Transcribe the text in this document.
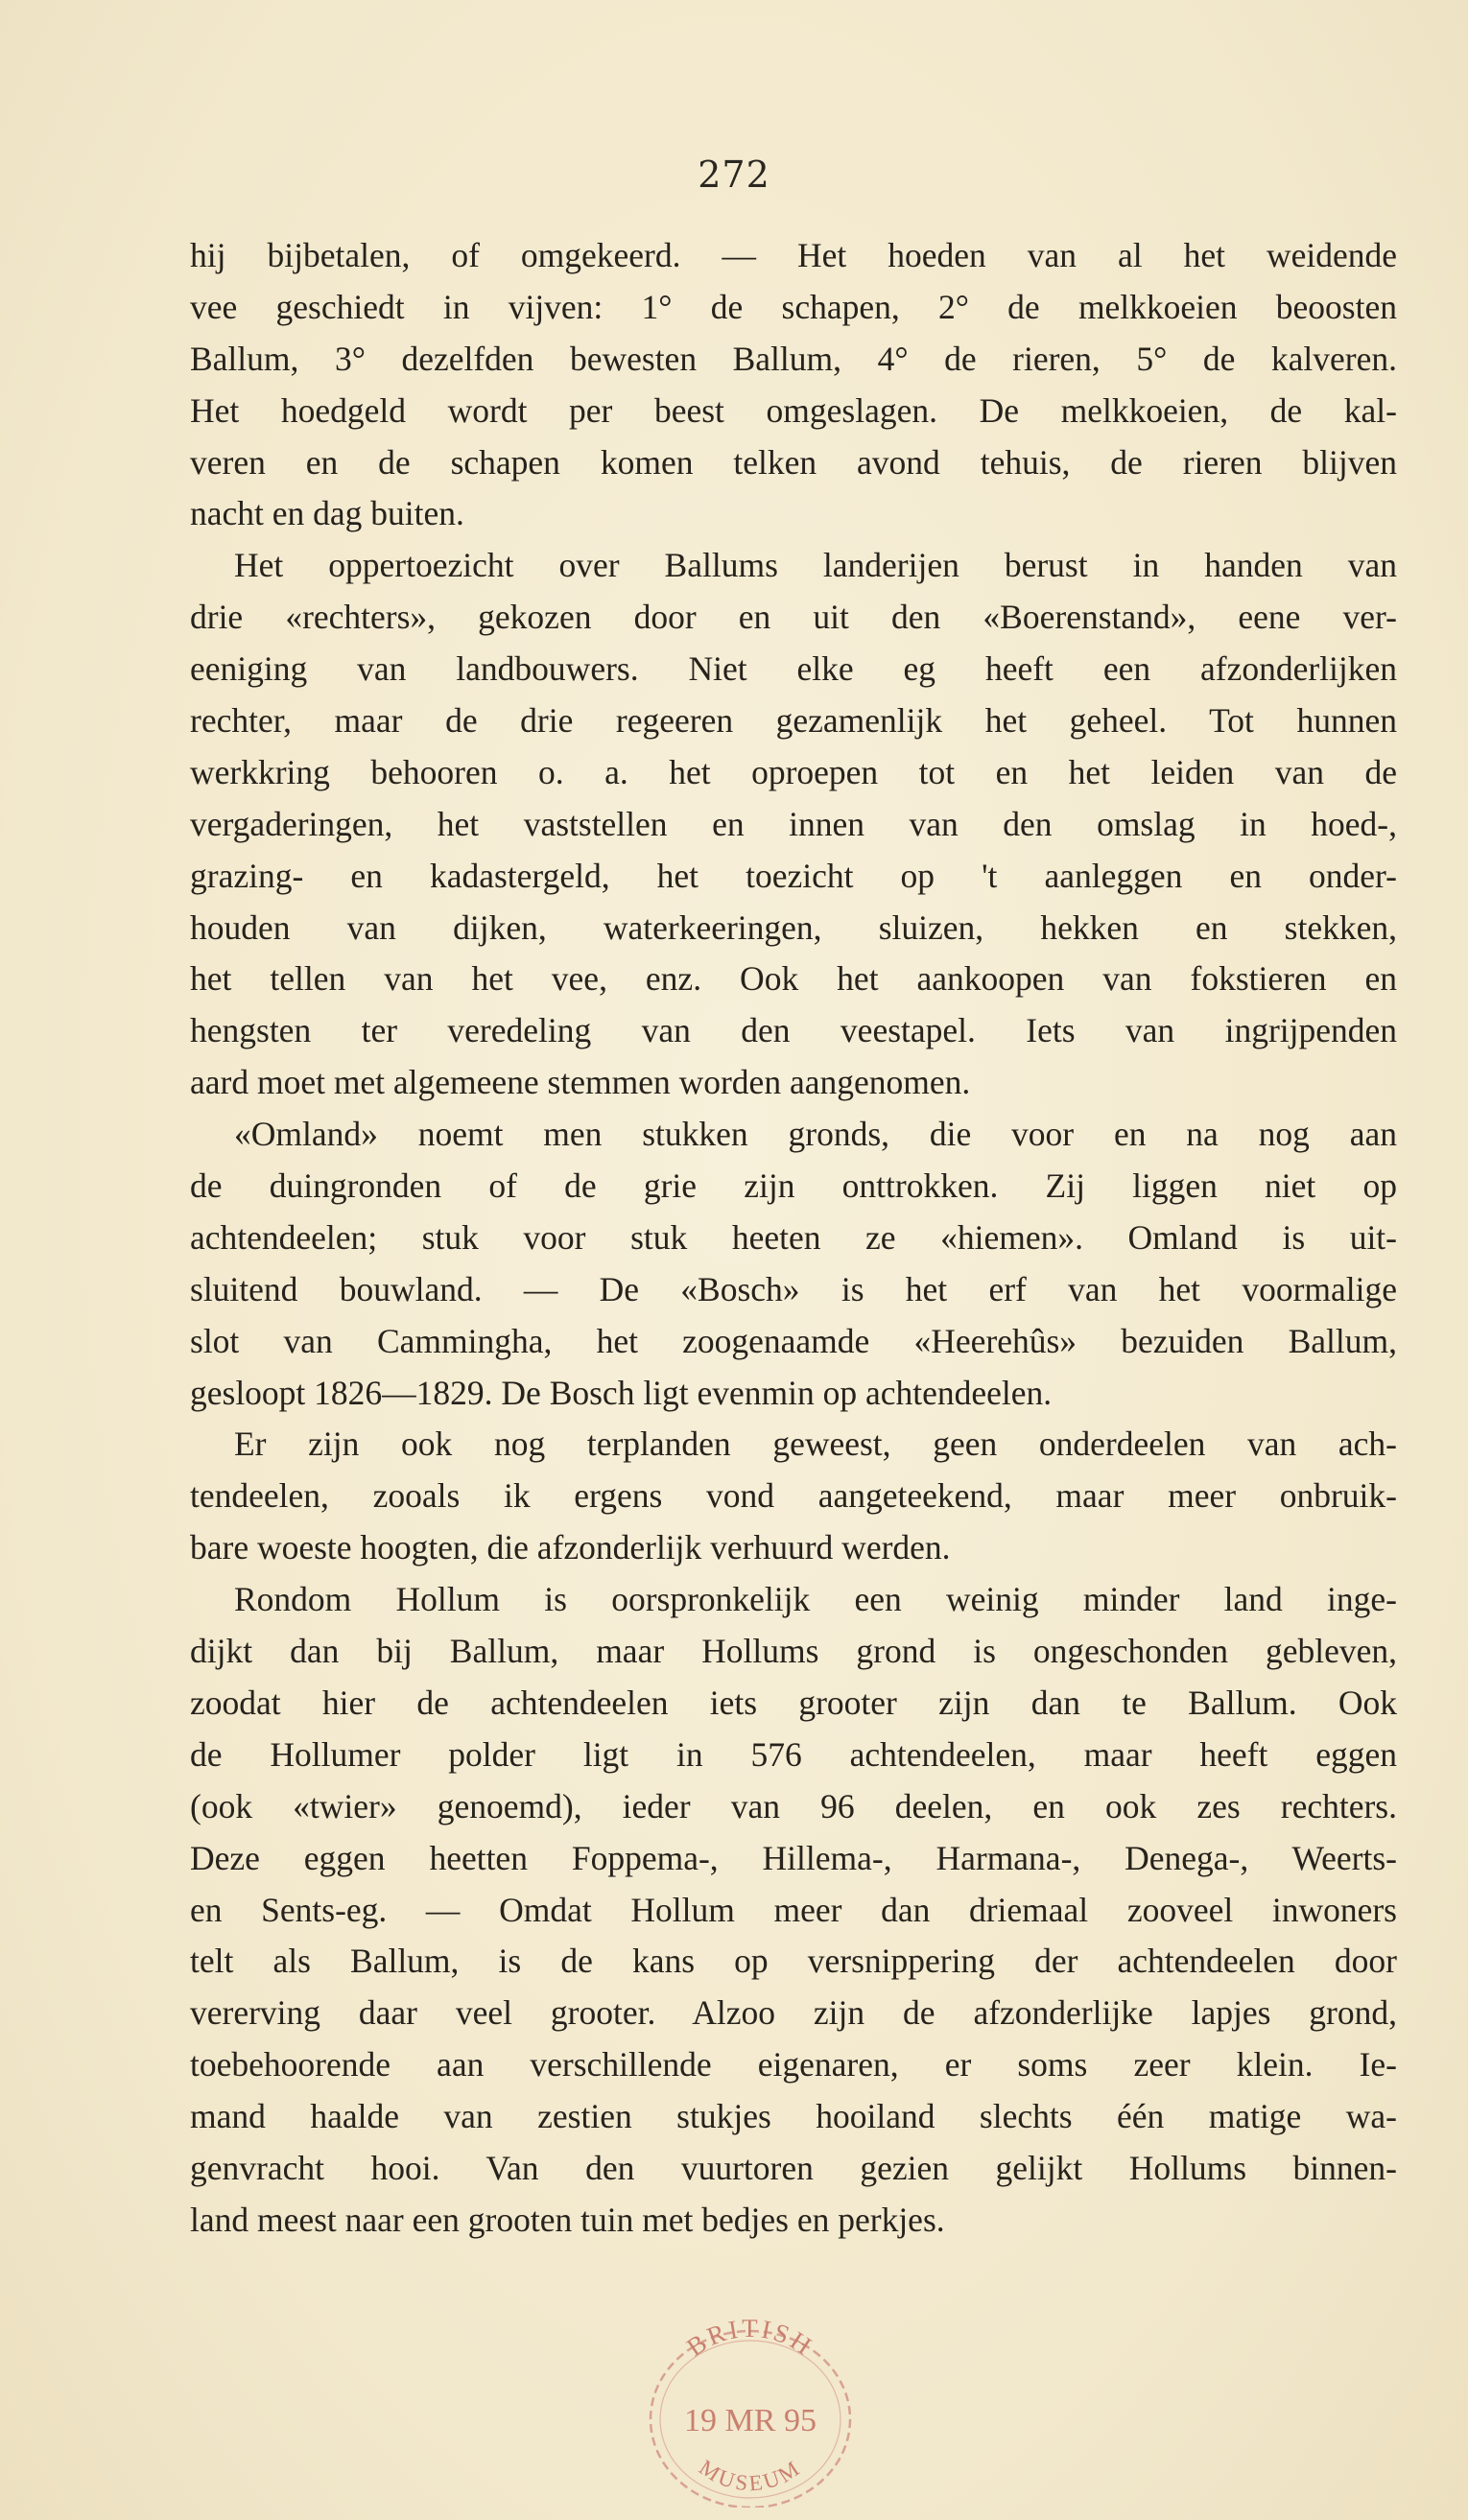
272
hij bijbetalen, of omgekeerd. — Het hoeden van al het weidende
vee geschiedt in vijven: 1° de schapen, 2° de melkkoeien beoosten
Ballum, 3° dezelfden bewesten Ballum, 4° de rieren, 5° de kalveren.
Het hoedgeld wordt per beest omgeslagen. De melkkoeien, de kal-
veren en de schapen komen telken avond tehuis, de rieren blijven
nacht en dag buiten.
Het oppertoezicht over Ballums landerijen berust in handen van
drie «rechters», gekozen door en uit den «Boerenstand», eene ver-
eeniging van landbouwers. Niet elke eg heeft een afzonderlijken
rechter, maar de drie regeeren gezamenlijk het geheel. Tot hunnen
werkkring behooren o. a. het oproepen tot en het leiden van de
vergaderingen, het vaststellen en innen van den omslag in hoed-,
grazing- en kadastergeld, het toezicht op 't aanleggen en onder-
houden van dijken, waterkeeringen, sluizen, hekken en stekken,
het tellen van het vee, enz. Ook het aankoopen van fokstieren en
hengsten ter veredeling van den veestapel. Iets van ingrijpenden
aard moet met algemeene stemmen worden aangenomen.
«Omland» noemt men stukken gronds, die voor en na nog aan
de duingronden of de grie zijn onttrokken. Zij liggen niet op
achtendeelen; stuk voor stuk heeten ze «hiemen». Omland is uit-
sluitend bouwland. — De «Bosch» is het erf van het voormalige
slot van Cammingha, het zoogenaamde «Heerehûs» bezuiden Ballum,
gesloopt 1826—1829. De Bosch ligt evenmin op achtendeelen.
Er zijn ook nog terplanden geweest, geen onderdeelen van ach-
tendeelen, zooals ik ergens vond aangeteekend, maar meer onbruik-
bare woeste hoogten, die afzonderlijk verhuurd werden.
Rondom Hollum is oorspronkelijk een weinig minder land inge-
dijkt dan bij Ballum, maar Hollums grond is ongeschonden gebleven,
zoodat hier de achtendeelen iets grooter zijn dan te Ballum. Ook
de Hollumer polder ligt in 576 achtendeelen, maar heeft eggen
(ook «twier» genoemd), ieder van 96 deelen, en ook zes rechters.
Deze eggen heetten Foppema-, Hillema-, Harmana-, Denega-, Weerts-
en Sents-eg. — Omdat Hollum meer dan driemaal zooveel inwoners
telt als Ballum, is de kans op versnippering der achtendeelen door
vererving daar veel grooter. Alzoo zijn de afzonderlijke lapjes grond,
toebehoorende aan verschillende eigenaren, er soms zeer klein. Ie-
mand haalde van zestien stukjes hooiland slechts één matige wa-
genvracht hooi. Van den vuurtoren gezien gelijkt Hollums binnen-
land meest naar een grooten tuin met bedjes en perkjes.
BRITISH
19 MR 95
MUSEUM
